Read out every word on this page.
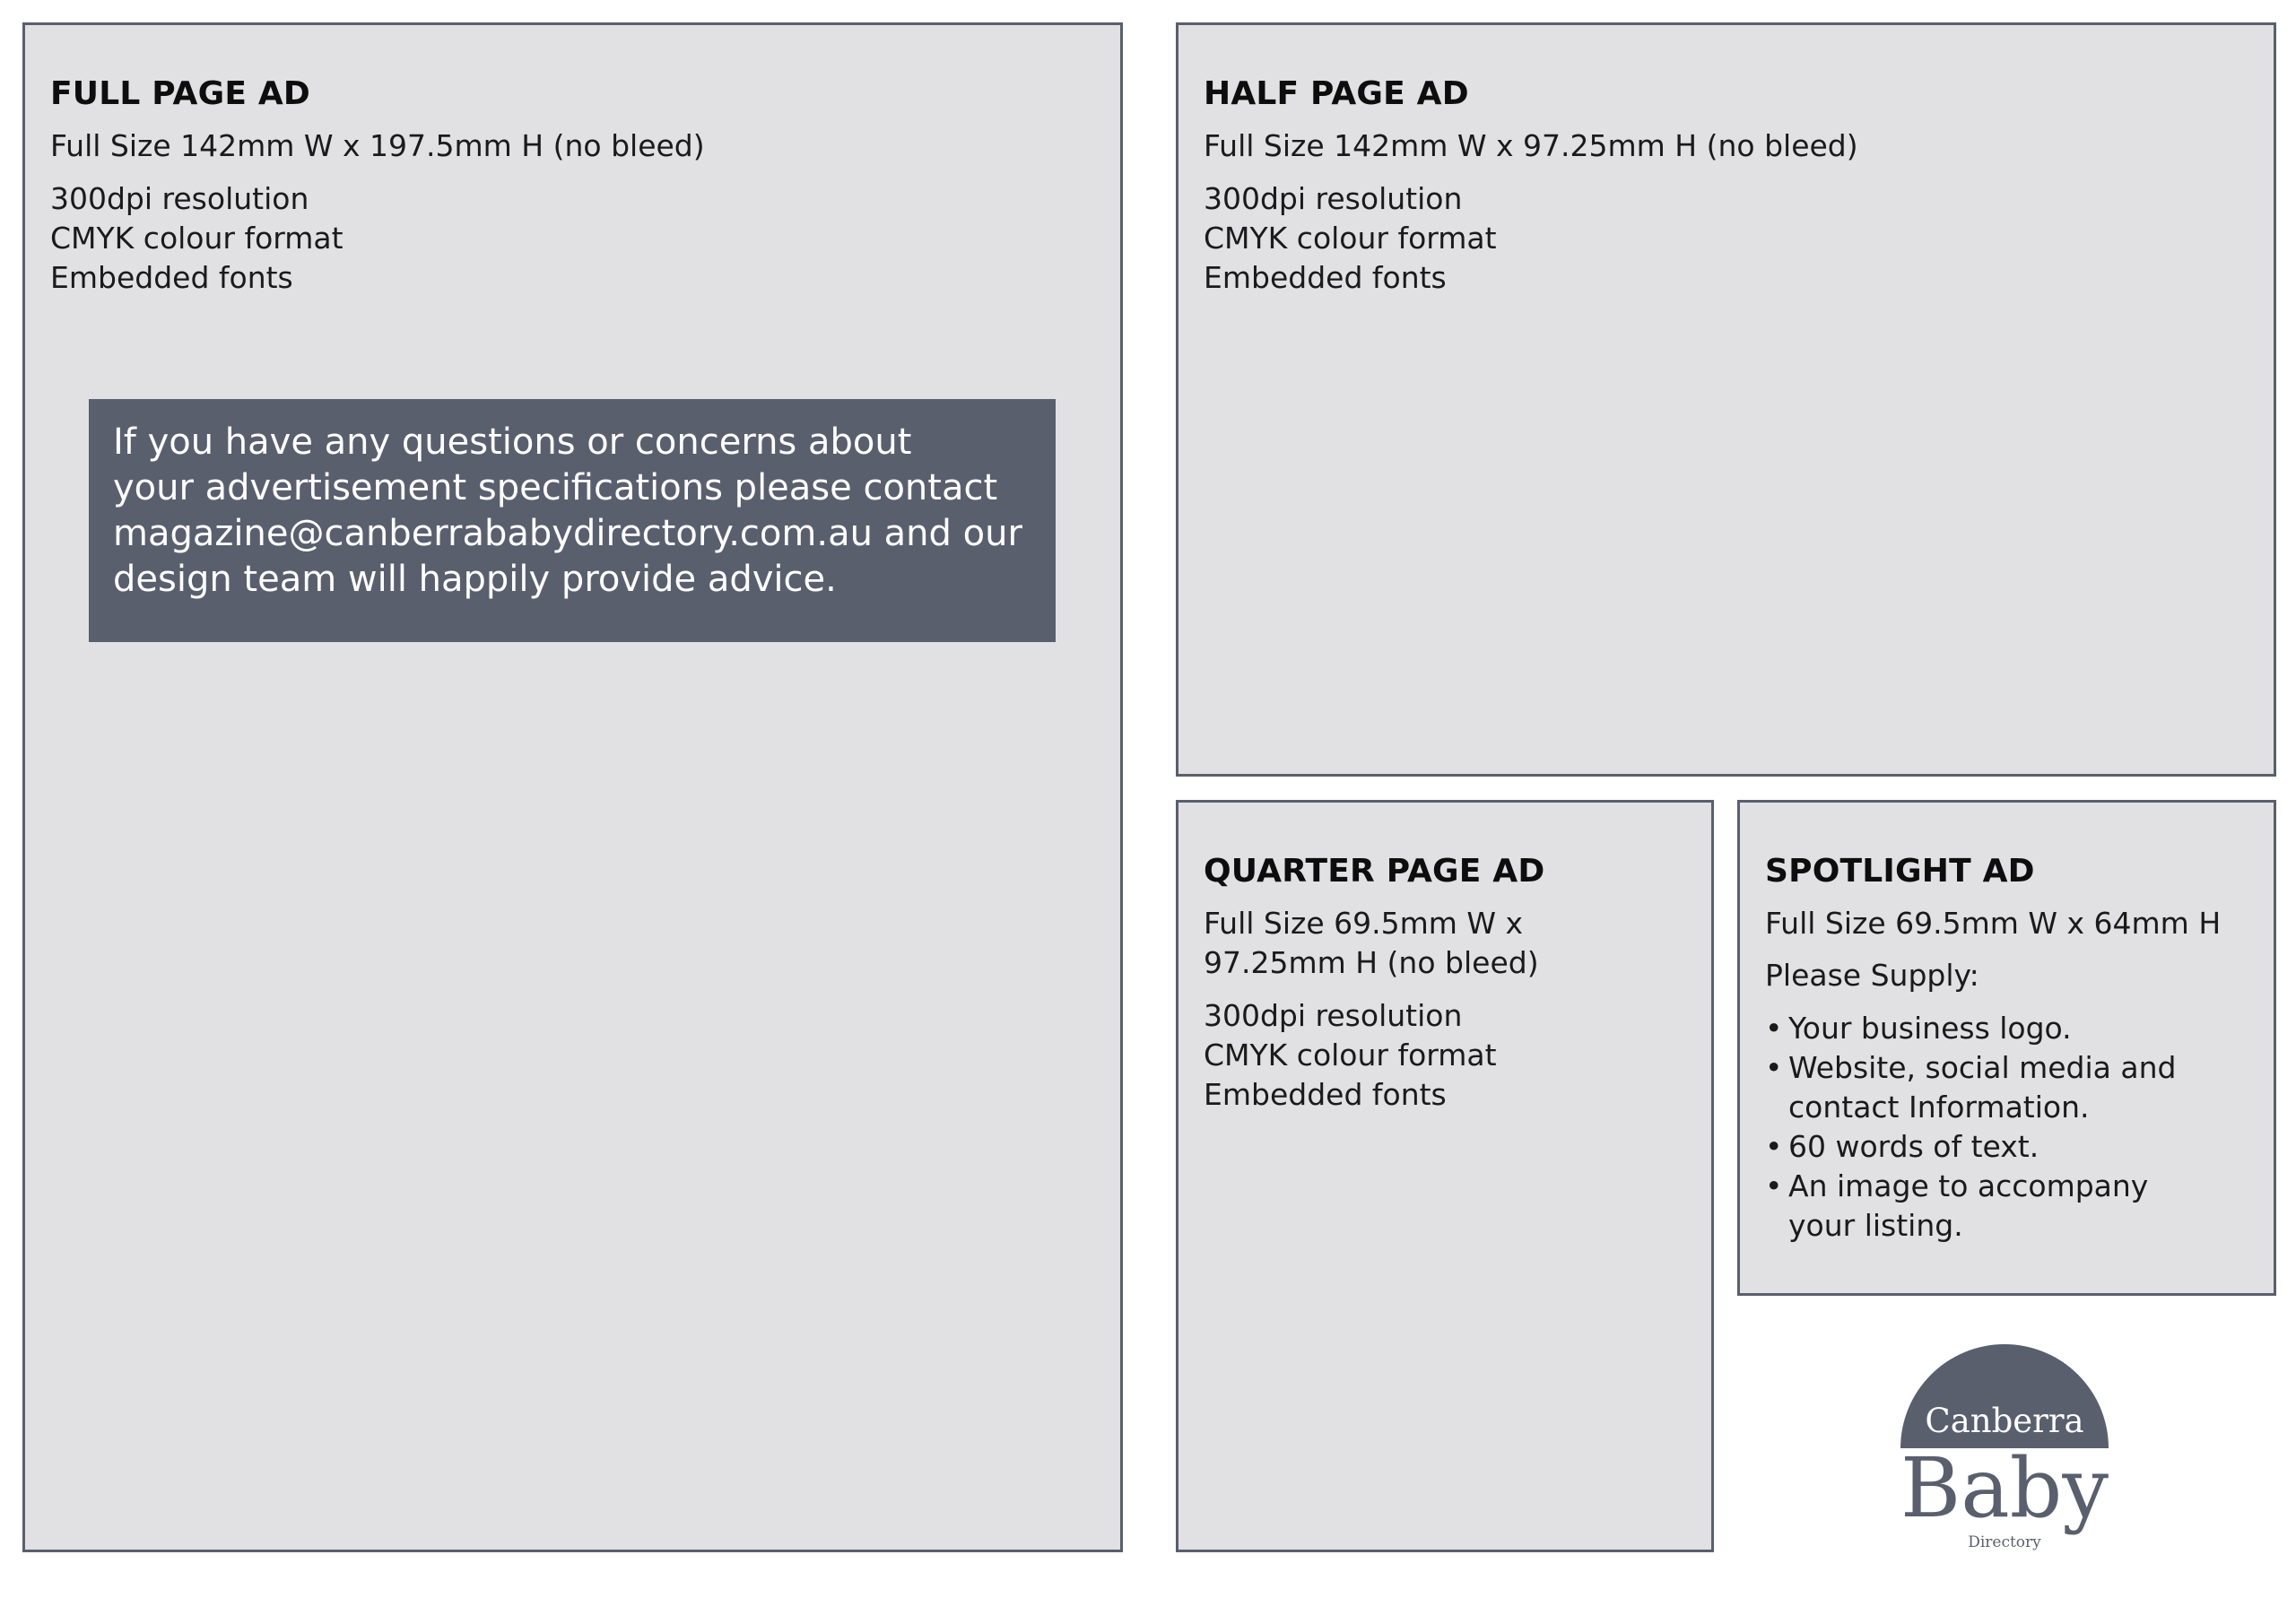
FULL PAGE AD

Full Size 142mm W x 197.5mm H (no bleed)

300dpi resolution
CMYK colour format
Embedded fonts

If you have any questions or concerns about
your advertisement specifications please contact
magazine@canberrababydirectory.com.au and our
design team will happily provide advice.
HALF PAGE AD

Full Size 142mm W x 97.25mm H (no bleed)

300dpi resolution
CMYK colour format
Embedded fonts

QUARTER PAGE AD

Full Size 69.5mm W x
97.25mm H (no bleed)

300dpi resolution
CMYK colour format
Embedded fonts

SPOTLIGHT AD

Full Size 69.5mm W x 64mm H

Please Supply:

• Your business logo.
• Website, social media and
contact Information.
• 60 words of text.
• An image to accompany
your listing.
Canberra
Baby
Directory
